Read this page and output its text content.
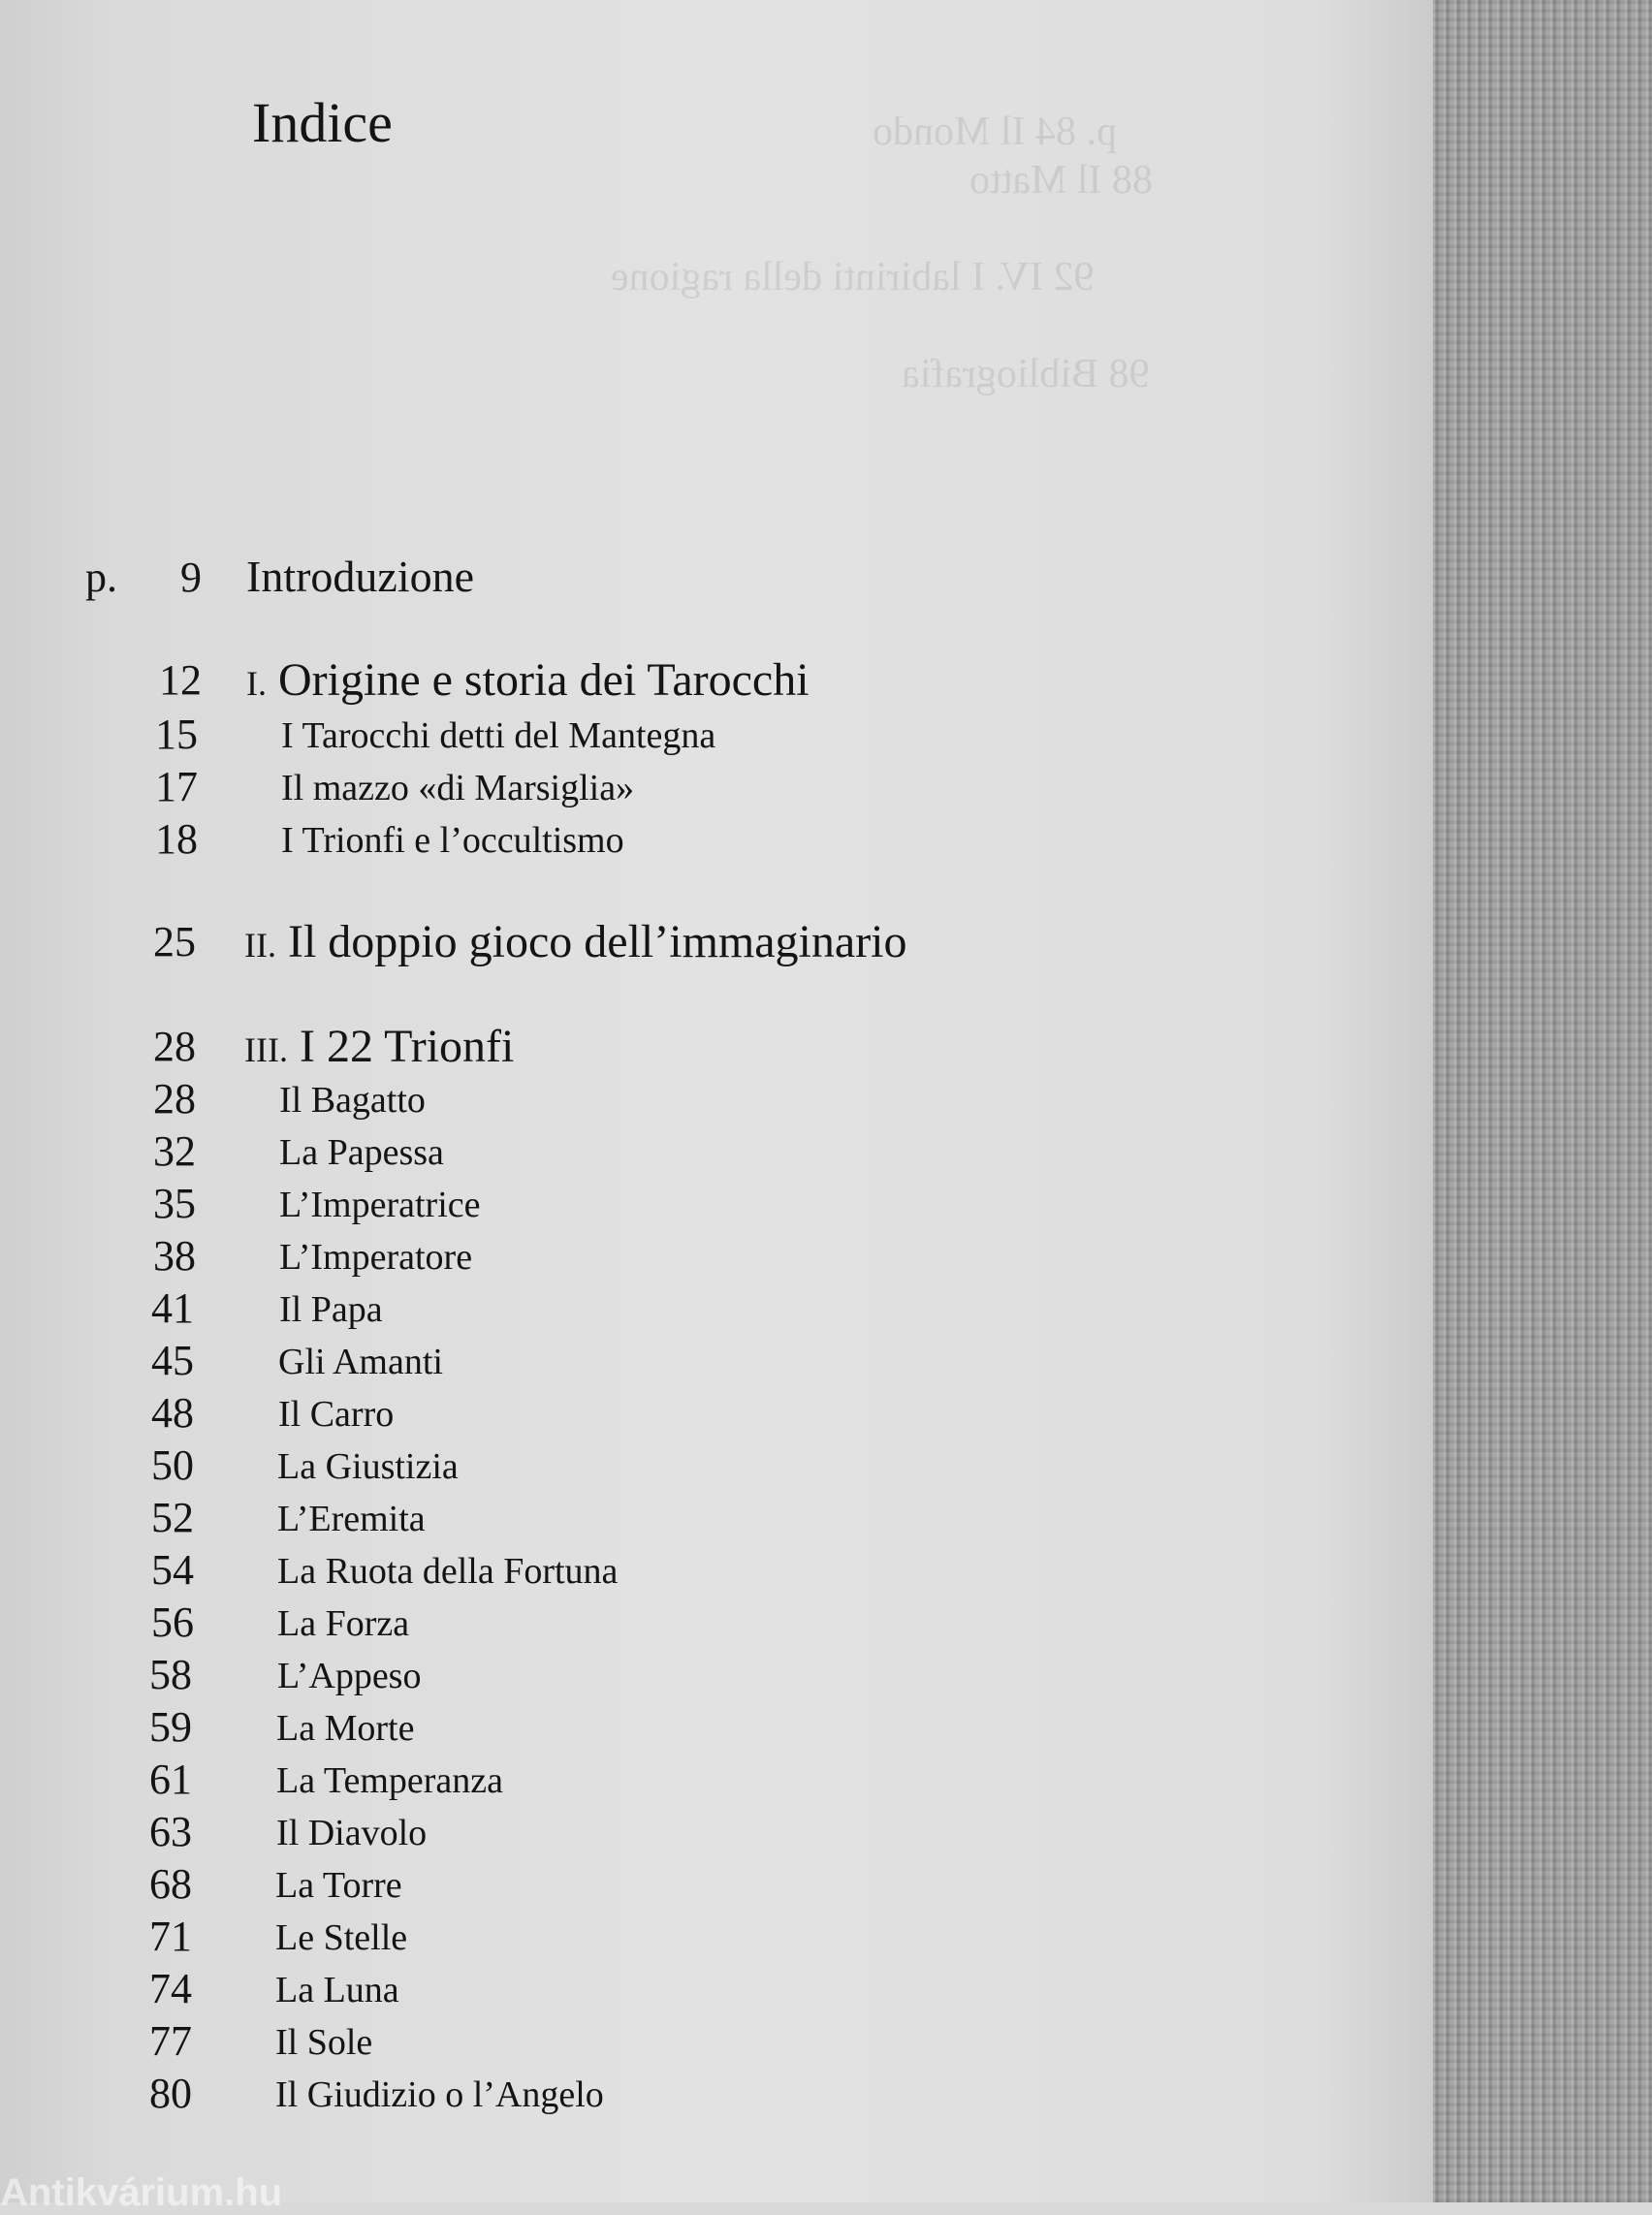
p. 84 Il Mondo
88 Il Matto
92 IV. I labirinti della ragione
98 Bibliografia
Indice
p.	9 Introduzione
12 I. Origine e storia dei Tarocchi
15 I Tarocchi detti del Mantegna
17 Il mazzo «di Marsiglia»
18 I Trionfi e l’occultismo
25 II. Il doppio gioco dell’immaginario
28 III. I 22 Trionfi
28 Il Bagatto
32 La Papessa
35 L’Imperatrice
38 L’Imperatore
41 Il Papa
45 Gli Amanti
48 Il Carro
50 La Giustizia
52 L’Eremita
54 La Ruota della Fortuna
56 La Forza
58 L’Appeso
59 La Morte
61 La Temperanza
63 Il Diavolo
68 La Torre
71 Le Stelle
74 La Luna
77 Il Sole
80 Il Giudizio o l’Angelo
Antikvárium.hu
